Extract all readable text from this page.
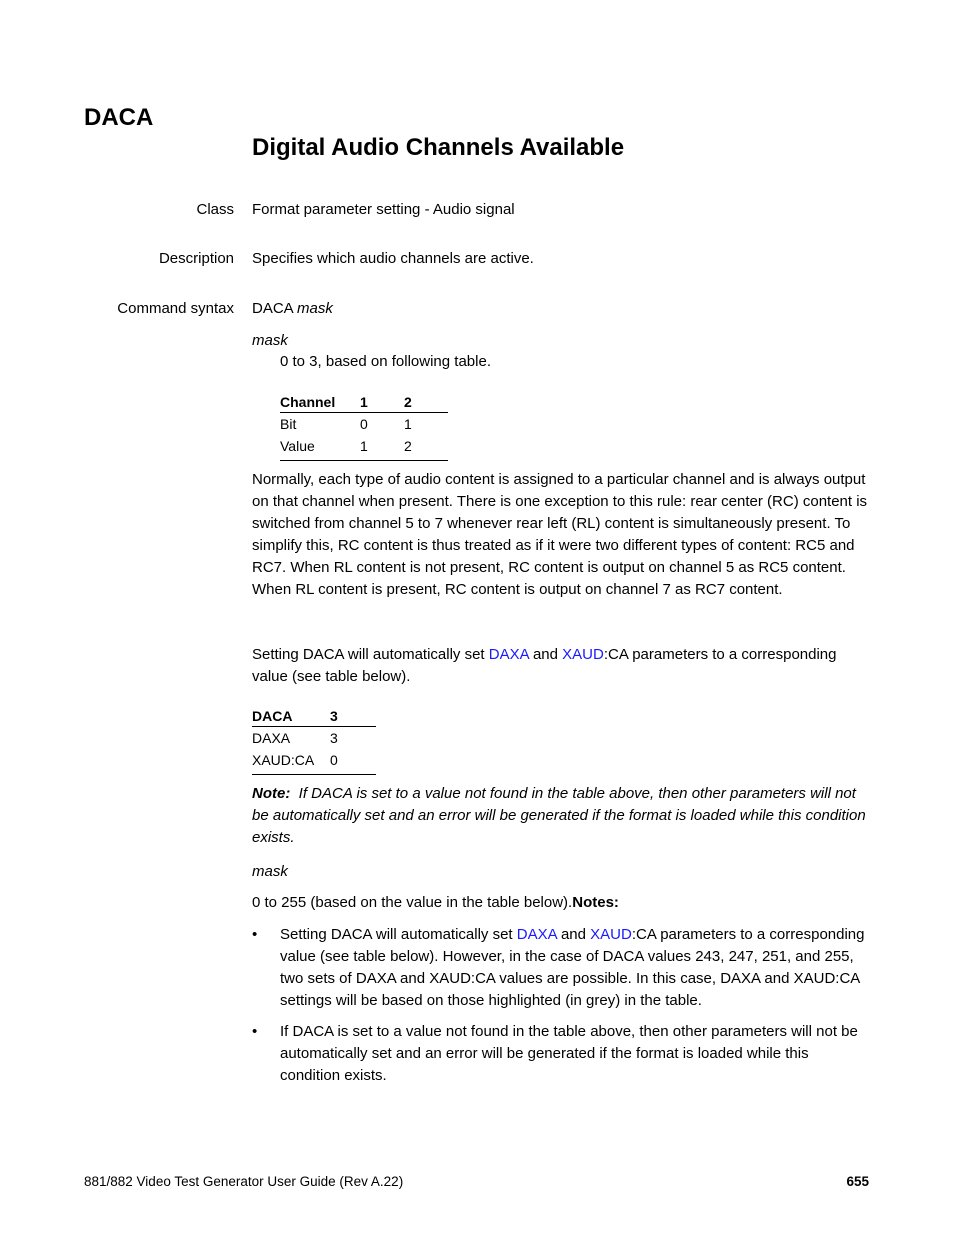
DACA
Digital Audio Channels Available
Class Format parameter setting - Audio signal
Description Specifies which audio channels are active.
Command syntax DACA mask
mask
0 to 3, based on following table.
Channel	1	2
Bit	0	1
Value	1	2
Normally, each type of audio content is assigned to a particular channel and is always output on that channel when present. There is one exception to this rule: rear center (RC) content is switched from channel 5 to 7 whenever rear left (RL) content is simultaneously present. To simplify this, RC content is thus treated as if it were two different types of content: RC5 and RC7. When RL content is not present, RC content is output on channel 5 as RC5 content. When RL content is present, RC content is output on channel 7 as RC7 content.
Setting DACA will automatically set DAXA and XAUD:CA parameters to a corresponding value (see table below).
DACA	3
DAXA	3
XAUD:CA	0
Note: If DACA is set to a value not found in the table above, then other parameters will not be automatically set and an error will be generated if the format is loaded while this condition exists.
mask
0 to 255 (based on the value in the table below).Notes:
•	Setting DACA will automatically set DAXA and XAUD:CA parameters to a corresponding value (see table below). However, in the case of DACA values 243, 247, 251, and 255, two sets of DAXA and XAUD:CA values are possible. In this case, DAXA and XAUD:CA settings will be based on those highlighted (in grey) in the table.
•	If DACA is set to a value not found in the table above, then other parameters will not be automatically set and an error will be generated if the format is loaded while this condition exists.
881/882 Video Test Generator User Guide (Rev A.22)	655
